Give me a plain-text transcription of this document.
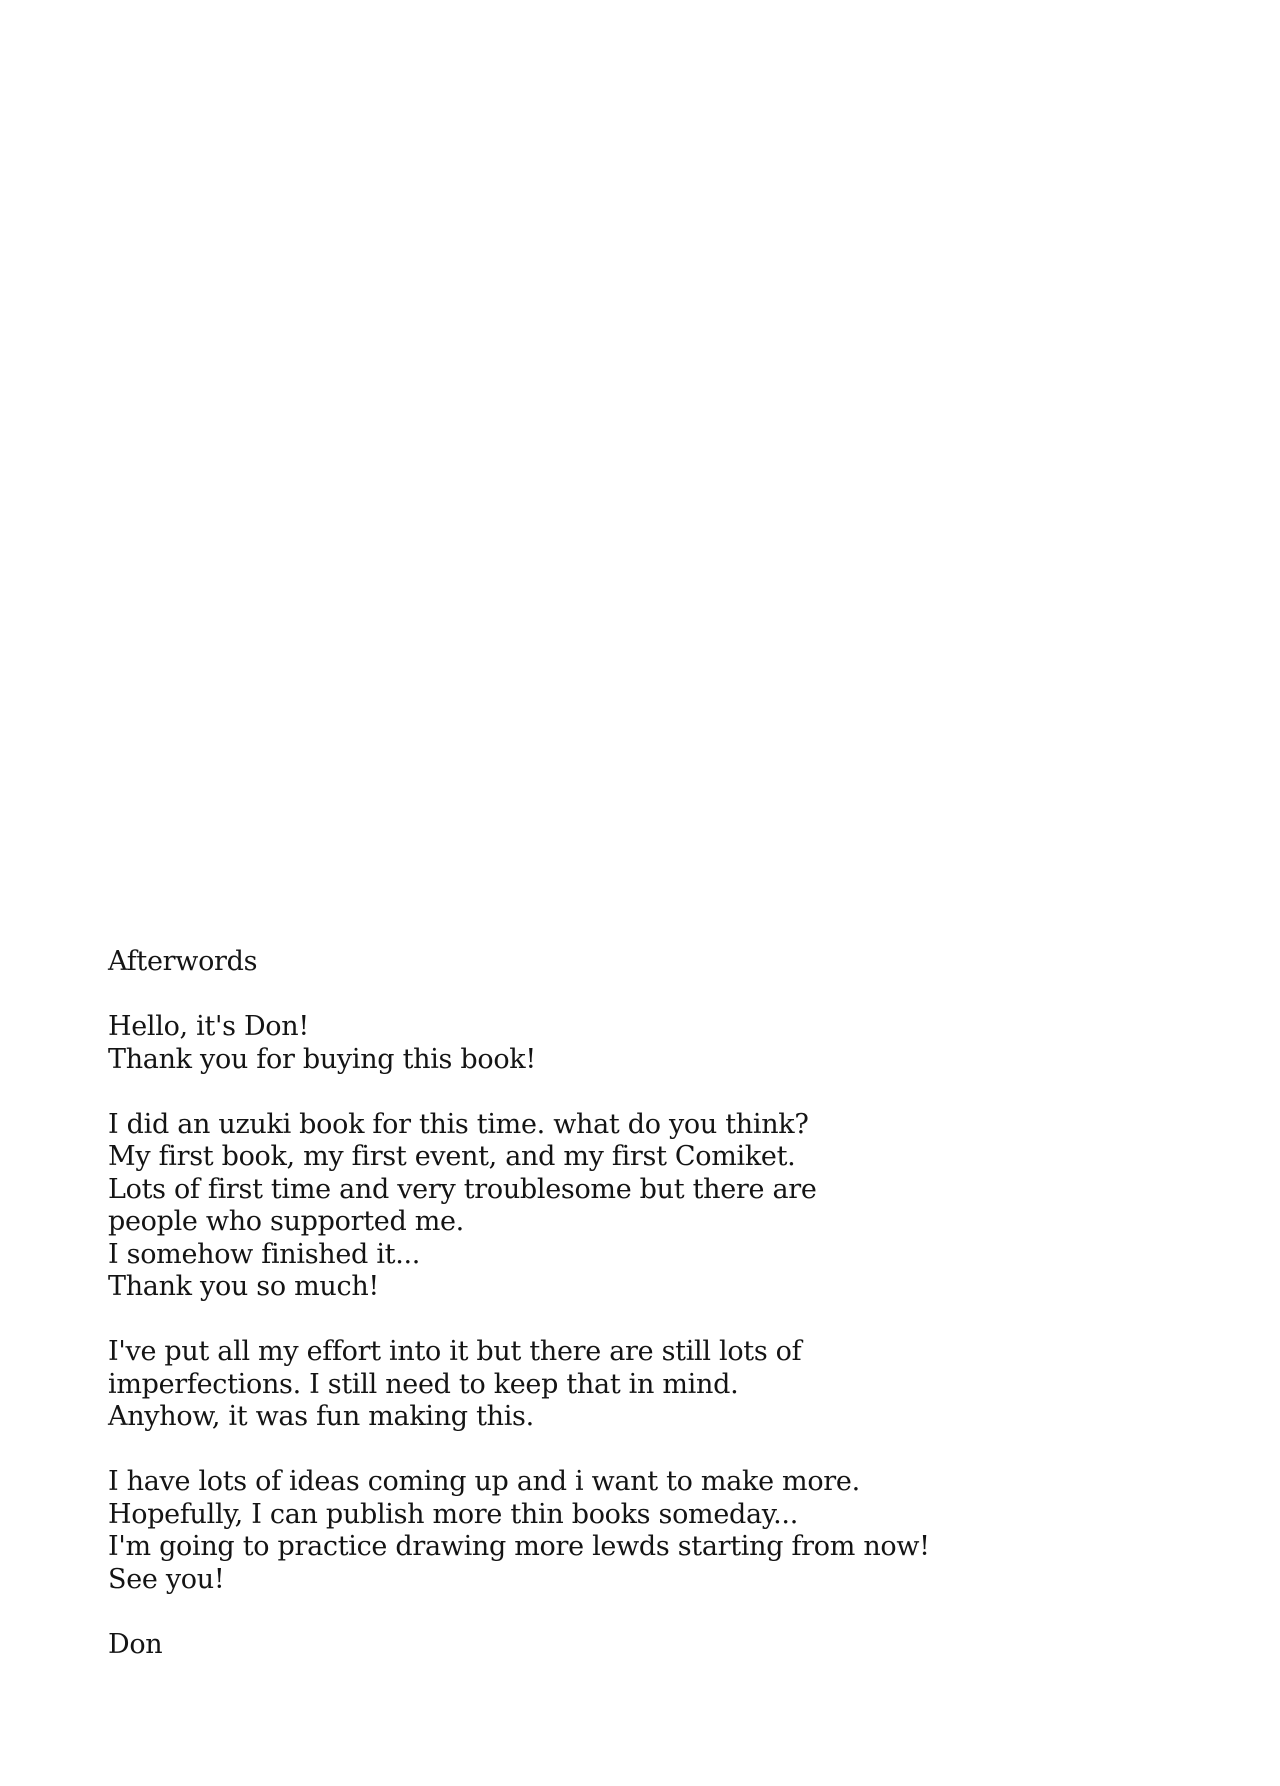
Afterwords
Hello, it's Don!
Thank you for buying this book!
I did an uzuki book for this time. what do you think?
My first book, my first event, and my first Comiket.
Lots of first time and very troublesome but there are
people who supported me.
I somehow finished it...
Thank you so much!
I've put all my effort into it but there are still lots of
imperfections. I still need to keep that in mind.
Anyhow, it was fun making this.
I have lots of ideas coming up and i want to make more.
Hopefully, I can publish more thin books someday...
I'm going to practice drawing more lewds starting from now!
See you!
Don
